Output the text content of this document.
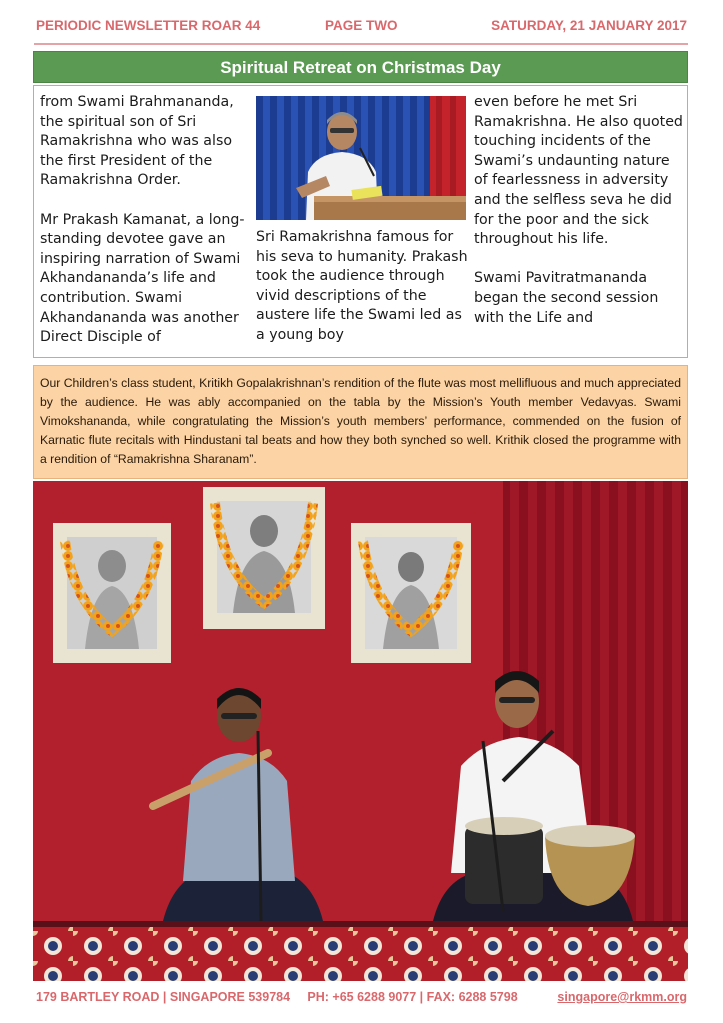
PERIODIC NEWSLETTER ROAR 44	PAGE TWO	SATURDAY, 21 JANUARY 2017
Spiritual Retreat on Christmas Day

from Swami Brahmananda, the spiritual son of Sri Ramakrishna who was also the first President of the Ramakrishna Order.

Mr Prakash Kamanat, a long-standing devotee gave an inspiring narration of Swami Akhandananda’s life and contribution. Swami Akhandananda was another Direct Disciple of

Sri Ramakrishna famous for his seva to humanity. Prakash took the audience through vivid descriptions of the austere life the Swami led as a young boy

even before he met Sri Ramakrishna. He also quoted touching incidents of the Swami’s undaunting nature of fearlessness in adversity and the selfless seva he did for the poor and the sick throughout his life.

Swami Pavitratmananda began the second session with the Life and

Our Children’s class student, Kritikh Gopalakrishnan’s rendition of the flute was most mellifluous and much appreciated by the audience. He was ably accompanied on the tabla by the Mission’s Youth member Vedavyas. Swami Vimokshananda, while congratulating the Mission’s youth members’ performance, commended on the fusion of Karnatic flute recitals with Hindustani tal beats and how they both synched so well. Krithik closed the programme with a rendition of “Ramakrishna Sharanam”.
179 BARTLEY ROAD | SINGAPORE 539784     PH: +65 6288 9077 | FAX: 6288 5798	singapore@rkmm.org
